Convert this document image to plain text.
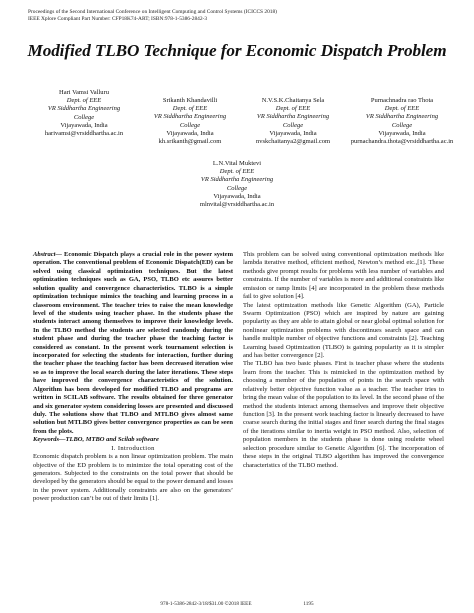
Proceedings of the Second International Conference on Intelligent Computing and Control Systems (ICICCS 2018)
IEEE Xplore Compliant Part Number: CFP18K74-ART; ISBN:978-1-5386-2842-3
Modified TLBO Technique for Economic Dispatch Problem
Hari Vamsi Valluru
Dept. of EEE
VR Siddhartha Engineering
College
Vijayawada, India
harivamsi@vrsiddhartha.ac.in
Srikanth Khandavilli
Dept. of EEE
VR Siddhartha Engineering
College
Vijayawada, India
kh.srikanth@gmail.com
N.V.S.K.Chaitanya Sela
Dept. of EEE
VR Siddhartha Engineering
College
Vijayawada, India
nvskchaitanya2@gmail.com
Purnachnadra rao Thota
Dept. of EEE
VR Siddhartha Engineering
College
Vijayawada, India
purnachandra.thota@vrsiddhartha.ac.in
L.N.Vital Muktevi
Dept. of EEE
VR Siddhartha Engineering
College
Vijayawada, India
mlnvital@vrsiddhartha.ac.in

Abstract— Economic Dispatch plays a crucial role in the power system operation. The conventional problem of Economic Dispatch(ED) can be solved using classical optimization techniques. But the latest optimization techniques such as GA, PSO, TLBO etc assures better solution quality and convergence characteristics. TLBO is a simple optimization technique mimics the teaching and learning process in a classroom environment. The teacher tries to raise the mean knowledge level of the students using teacher phase. In the students phase the students interact among themselves to improve their knowledge levels. In the TLBO method the students are selected randomly during the student phase and during the teacher phase the teaching factor is considered as constant. In the present work tournament selection is incorporated for selecting the students for interaction, further during the teacher phase the teaching factor has been decreased iteration wise so as to improve the local search during the later iterations. These steps have improved the convergence characteristics of the solution. Algorithm has been developed for modified TLBO and programs are written in SCILAB software. The results obtained for three generator and six generator system considering losses are presented and discussed duly. The solutions show that TLBO and MTLBO gives almost same solution but MTLBO gives better convergence properties as can be seen from the plots.

Keywords—TLBO, MTBO and Scilab software

I. Introduction

Economic dispatch problem is a non linear optimization problem. The main objective of the ED problem is to minimize the total operating cost of the generators. Subjected to the constraints on the total power that should be developed by the generators should be equal to the power demand and losses in the power system. Additionally constraints are also on the generators’ power production can’t be out of their limits [1].

This problem can be solved using conventional optimization methods like lambda iterative method, efficient method, Newton’s method etc.,[1]. These methods give prompt results for problems with less number of variables and constraints. If the number of variables is more and additional constraints like emission or ramp limits [4] are incorporated in the problem these methods fail to give solution [4].

The latest optimization methods like Genetic Algorithm (GA), Particle Swarm Optimization (PSO) which are inspired by nature are gaining popularity as they are able to attain global or near global optimal solution for nonlinear optimization problems with discontinues search space and can handle multiple number of objective functions and constraints [2]. Teaching Learning based Optimization (TLBO) is gaining popularity as it is simpler and has better convergence [2].

The TLBO has two basic phases. First is teacher phase where the students learn from the teacher. This is mimicked in the optimization method by choosing a member of the population of points in the search space with relatively better objective function value as a teacher. The teacher tries to bring the mean value of the population to its level. In the second phase of the method the students interact among themselves and improve their objective function [3]. In the present work teaching factor is linearly decreased to have coarse search during the initial stages and finer search during the final stages of the iterations similar to inertia weight in PSO method. Also, selection of population members in the students phase is done using roulette wheel selection procedure similar to Genetic Algorithm [6]. The incorporation of these steps in the original TLBO algorithm has improved the convergence characteristics of the TLBO method.

978-1-5386-2842-3/18/$31.00 ©2018 IEEE                                        1195
